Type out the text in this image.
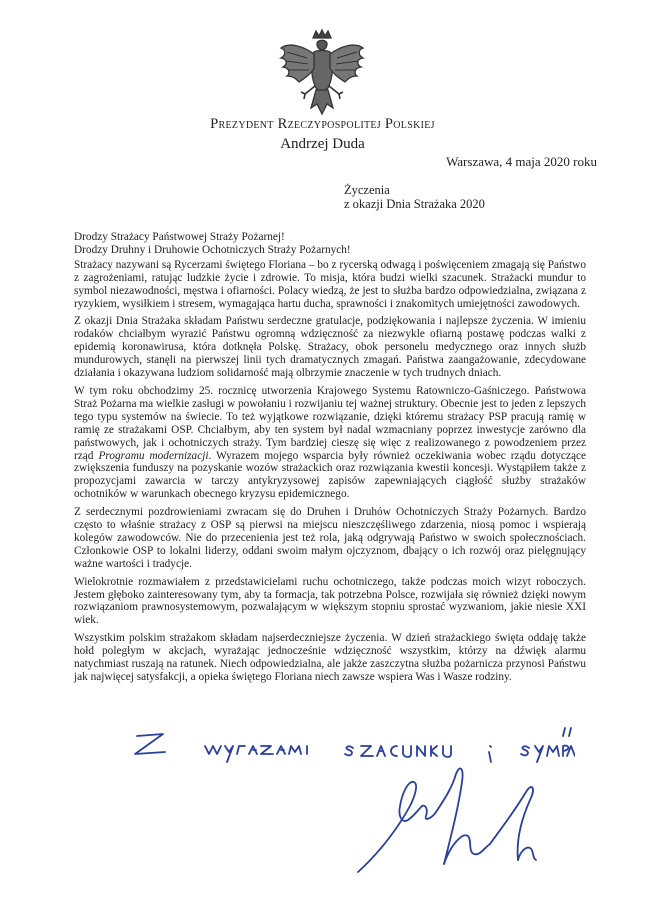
Prezydent Rzeczypospolitej Polskiej
Andrzej Duda
Warszawa, 4 maja 2020 roku
Życzenia
z okazji Dnia Strażaka 2020
Drodzy Strażacy Państwowej Straży Pożarnej!
Drodzy Druhny i Druhowie Ochotniczych Straży Pożarnych!

Strażacy nazywani są Rycerzami świętego Floriana – bo z rycerską odwagą i poświęceniem zmagają się Państwo z zagrożeniami, ratując ludzkie życie i zdrowie. To misja, która budzi wielki szacunek. Strażacki mundur to symbol niezawodności, męstwa i ofiarności. Polacy wiedzą, że jest to służba bardzo odpowiedzialna, związana z ryzykiem, wysiłkiem i stresem, wymagająca hartu ducha, sprawności i znakomitych umiejętności zawodowych.

Z okazji Dnia Strażaka składam Państwu serdeczne gratulacje, podziękowania i najlepsze życzenia. W imieniu rodaków chciałbym wyrazić Państwu ogromną wdzięczność za niezwykle ofiarną postawę podczas walki z epidemią koronawirusa, która dotknęła Polskę. Strażacy, obok personelu medycznego oraz innych służb mundurowych, stanęli na pierwszej linii tych dramatycznych zmagań. Państwa zaangażowanie, zdecydowane działania i okazywana ludziom solidarność mają olbrzymie znaczenie w tych trudnych dniach.

W tym roku obchodzimy 25. rocznicę utworzenia Krajowego Systemu Ratowniczo-Gaśniczego. Państwowa Straż Pożarna ma wielkie zasługi w powołaniu i rozwijaniu tej ważnej struktury. Obecnie jest to jeden z lepszych tego typu systemów na świecie. To też wyjątkowe rozwiązanie, dzięki któremu strażacy PSP pracują ramię w ramię ze strażakami OSP. Chciałbym, aby ten system był nadal wzmacniany poprzez inwestycje zarówno dla państwowych, jak i ochotniczych straży. Tym bardziej cieszę się więc z realizowanego z powodzeniem przez rząd Programu modernizacji. Wyrazem mojego wsparcia były również oczekiwania wobec rządu dotyczące zwiększenia funduszy na pozyskanie wozów strażackich oraz rozwiązania kwestii koncesji. Wystąpiłem także z propozycjami zawarcia w tarczy antykryzysowej zapisów zapewniających ciągłość służby strażaków ochotników w warunkach obecnego kryzysu epidemicznego.

Z serdecznymi pozdrowieniami zwracam się do Druhen i Druhów Ochotniczych Straży Pożarnych. Bardzo często to właśnie strażacy z OSP są pierwsi na miejscu nieszczęśliwego zdarzenia, niosą pomoc i wspierają kolegów zawodowców. Nie do przecenienia jest też rola, jaką odgrywają Państwo w swoich społecznościach. Członkowie OSP to lokalni liderzy, oddani swoim małym ojczyznom, dbający o ich rozwój oraz pielęgnujący ważne wartości i tradycje.

Wielokrotnie rozmawiałem z przedstawicielami ruchu ochotniczego, także podczas moich wizyt roboczych. Jestem głęboko zainteresowany tym, aby ta formacja, tak potrzebna Polsce, rozwijała się również dzięki nowym rozwiązaniom prawnosystemowym, pozwalającym w większym stopniu sprostać wyzwaniom, jakie niesie XXI wiek.

Wszystkim polskim strażakom składam najserdeczniejsze życzenia. W dzień strażackiego święta oddaję także hołd poległym w akcjach, wyrażając jednocześnie wdzięczność wszystkim, którzy na dźwięk alarmu natychmiast ruszają na ratunek. Niech odpowiedzialna, ale jakże zaszczytna służba pożarnicza przynosi Państwu jak najwięcej satysfakcji, a opieka świętego Floriana niech zawsze wspiera Was i Wasze rodziny.
